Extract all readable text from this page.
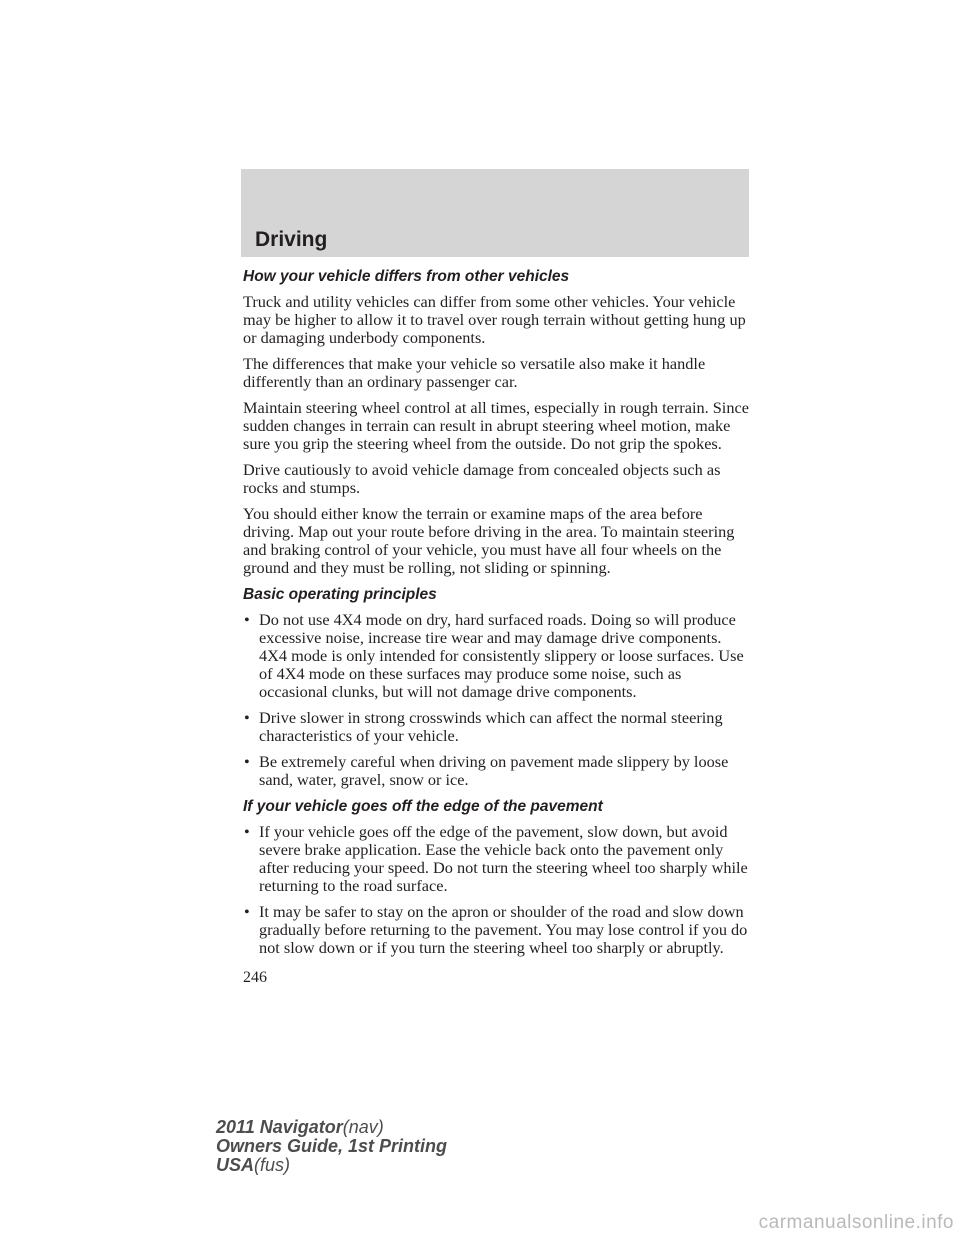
Driving
How your vehicle differs from other vehicles

Truck and utility vehicles can differ from some other vehicles. Your vehicle may be higher to allow it to travel over rough terrain without getting hung up or damaging underbody components.

The differences that make your vehicle so versatile also make it handle differently than an ordinary passenger car.

Maintain steering wheel control at all times, especially in rough terrain. Since sudden changes in terrain can result in abrupt steering wheel motion, make sure you grip the steering wheel from the outside. Do not grip the spokes.

Drive cautiously to avoid vehicle damage from concealed objects such as rocks and stumps.

You should either know the terrain or examine maps of the area before driving. Map out your route before driving in the area. To maintain steering and braking control of your vehicle, you must have all four wheels on the ground and they must be rolling, not sliding or spinning.

Basic operating principles
• Do not use 4X4 mode on dry, hard surfaced roads. Doing so will produce excessive noise, increase tire wear and may damage drive components. 4X4 mode is only intended for consistently slippery or loose surfaces. Use of 4X4 mode on these surfaces may produce some noise, such as occasional clunks, but will not damage drive components.
• Drive slower in strong crosswinds which can affect the normal steering characteristics of your vehicle.
• Be extremely careful when driving on pavement made slippery by loose sand, water, gravel, snow or ice.
If your vehicle goes off the edge of the pavement
• If your vehicle goes off the edge of the pavement, slow down, but avoid severe brake application. Ease the vehicle back onto the pavement only after reducing your speed. Do not turn the steering wheel too sharply while returning to the road surface.
• It may be safer to stay on the apron or shoulder of the road and slow down gradually before returning to the pavement. You may lose control if you do not slow down or if you turn the steering wheel too sharply or abruptly.
246
2011 Navigator(nav)
Owners Guide, 1st Printing
USA(fus)
carmanualsonline.info
